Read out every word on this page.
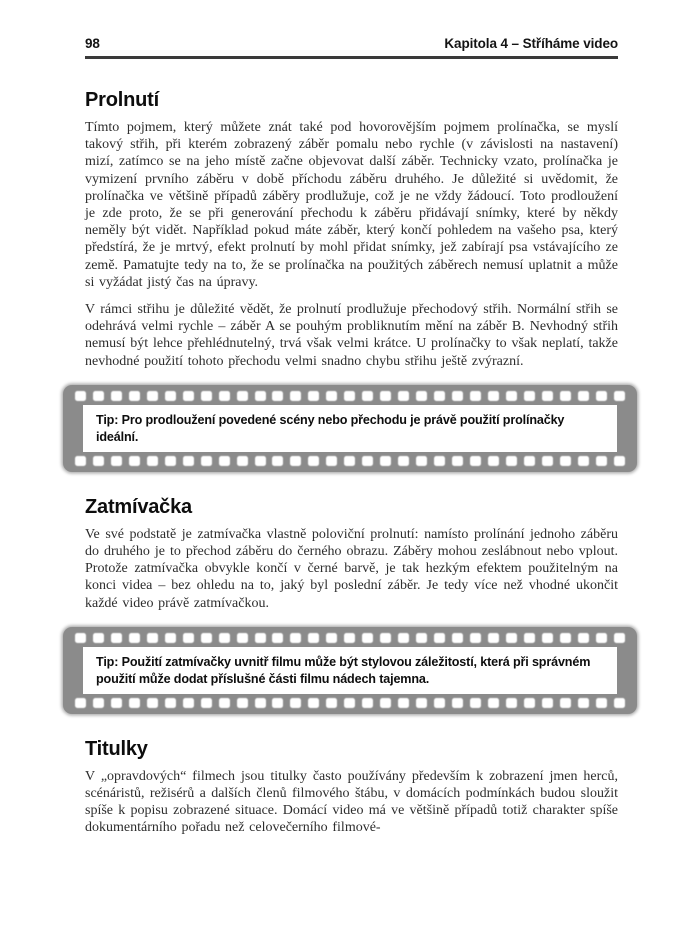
98	Kapitola 4 – Stříháme video
Prolnutí

Tímto pojmem, který můžete znát také pod hovorovějším pojmem prolínačka, se myslí takový střih, při kterém zobrazený záběr pomalu nebo rychle (v závislosti na nastavení) mizí, zatímco se na jeho místě začne objevovat další záběr. Technicky vzato, prolínačka je vymizení prvního záběru v době příchodu záběru druhého. Je důležité si uvědomit, že prolínačka ve většině případů záběry prodlužuje, což je ne vždy žádoucí. Toto prodloužení je zde proto, že se při generování přechodu k záběru přidávají snímky, které by někdy neměly být vidět. Například pokud máte záběr, který končí pohledem na vašeho psa, který předstírá, že je mrtvý, efekt prolnutí by mohl přidat snímky, jež zabírají psa vstávajícího ze země. Pamatujte tedy na to, že se prolínačka na použitých záběrech nemusí uplatnit a může si vyžádat jistý čas na úpravy.

V rámci střihu je důležité vědět, že prolnutí prodlužuje přechodový střih. Normální střih se odehrává velmi rychle – záběr A se pouhým probliknutím mění na záběr B. Nevhodný střih nemusí být lehce přehlédnutelný, trvá však velmi krátce. U prolínačky to však neplatí, takže nevhodné použití tohoto přechodu velmi snadno chybu střihu ještě zvýrazní.

Tip: Pro prodloužení povedené scény nebo přechodu je právě použití prolínačky ideální.
Zatmívačka

Ve své podstatě je zatmívačka vlastně poloviční prolnutí: namísto prolínání jednoho záběru do druhého je to přechod záběru do černého obrazu. Záběry mohou zeslábnout nebo vplout. Protože zatmívačka obvykle končí v černé barvě, je tak hezkým efektem použitelným na konci videa – bez ohledu na to, jaký byl poslední záběr. Je tedy více než vhodné ukončit každé video právě zatmívačkou.

Tip: Použití zatmívačky uvnitř filmu může být stylovou záležitostí, která při správném použití může dodat příslušné části filmu nádech tajemna.
Titulky

V „opravdových“ filmech jsou titulky často používány především k zobrazení jmen herců, scénáristů, režisérů a dalších členů filmového štábu, v domácích podmínkách budou sloužit spíše k popisu zobrazené situace. Domácí video má ve většině případů totiž charakter spíše dokumentárního pořadu než celovečerního filmové-
